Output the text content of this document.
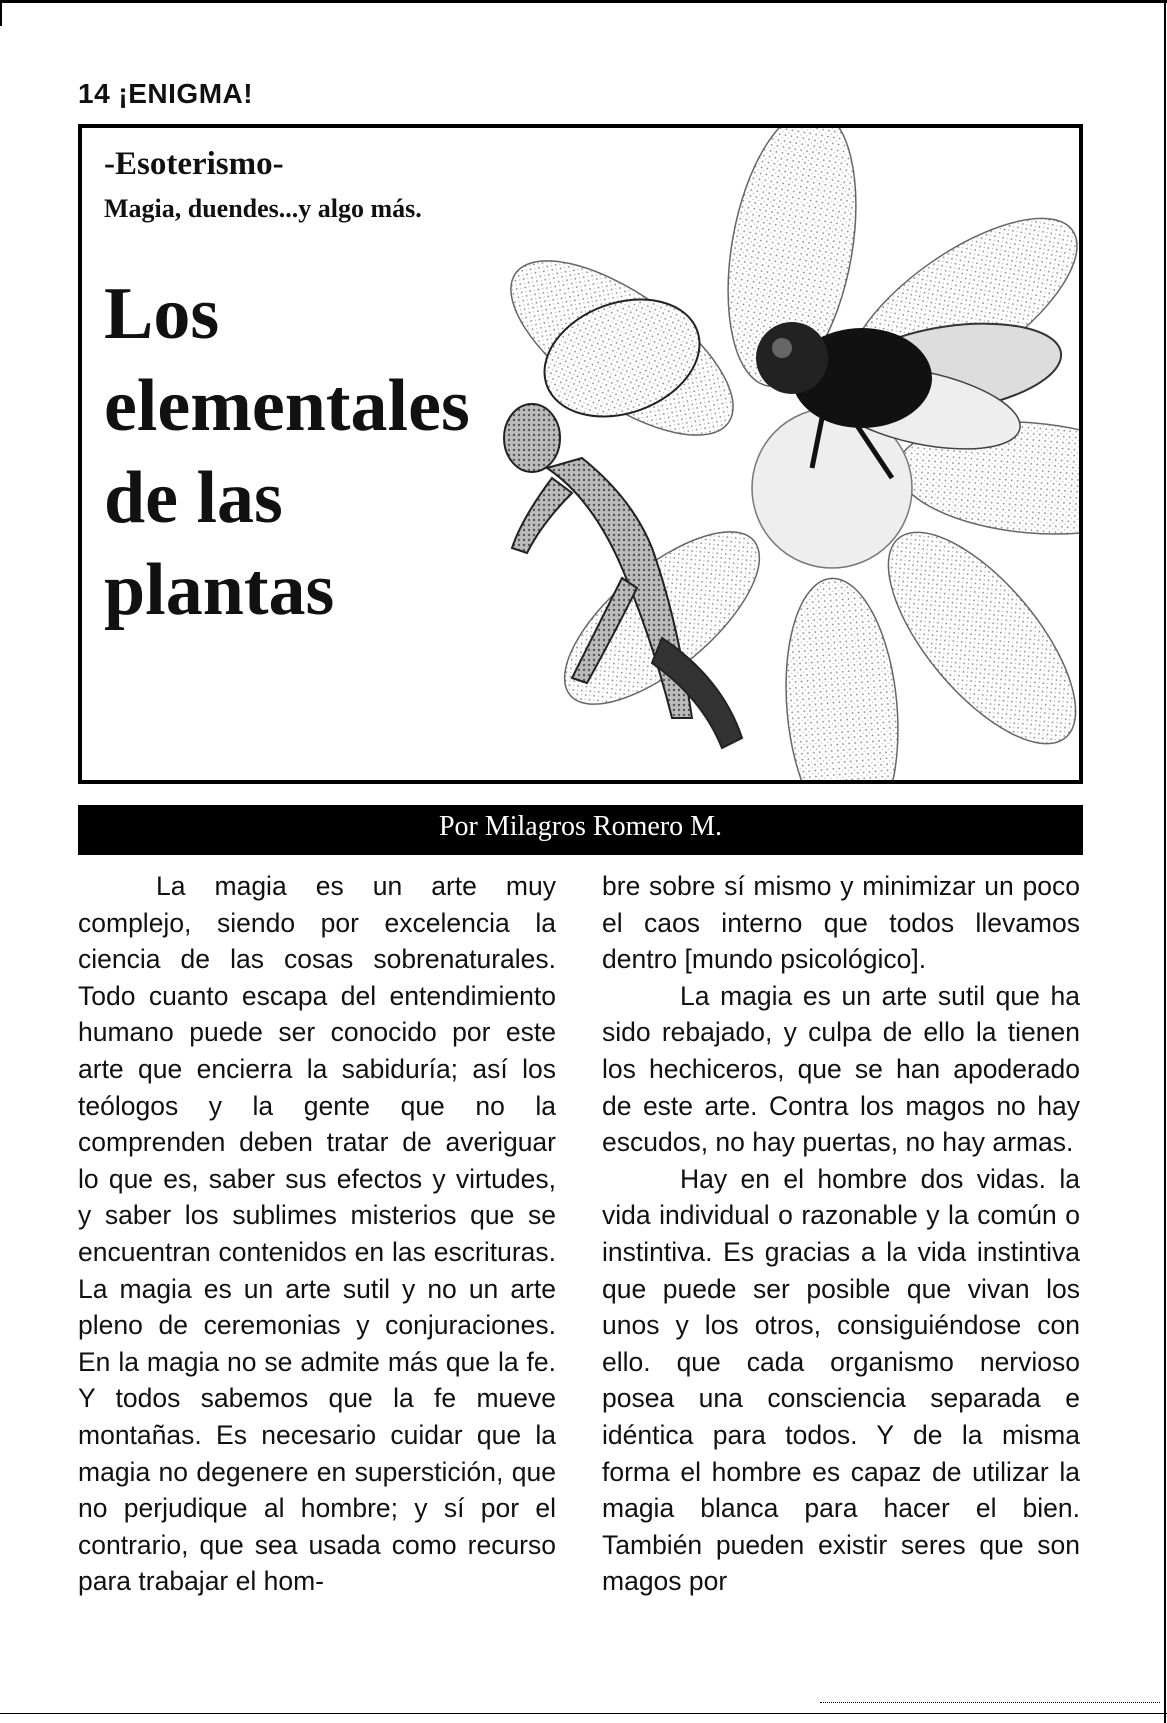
14 ¡ENIGMA!
-Esoterismo-
Magia, duendes...y algo más.
Los
elementales
de las
plantas
Por Milagros Romero M.

La magia es un arte muy complejo, siendo por excelencia la ciencia de las cosas sobrenaturales. Todo cuanto escapa del entendimiento humano puede ser conocido por este arte que encierra la sabiduría; así los teólogos y la gente que no la comprenden deben tratar de averiguar lo que es, saber sus efectos y virtudes, y saber los sublimes misterios que se encuentran contenidos en las escrituras. La magia es un arte sutil y no un arte pleno de ceremonias y conjuraciones. En la magia no se admite más que la fe. Y todos sabemos que la fe mueve montañas. Es necesario cuidar que la magia no degenere en superstición, que no perjudique al hombre; y sí por el contrario, que sea usada como recurso para trabajar el hom-

bre sobre sí mismo y minimizar un poco el caos interno que todos llevamos dentro [mundo psicológico].

La magia es un arte sutil que ha sido rebajado, y culpa de ello la tienen los hechiceros, que se han apoderado de este arte. Contra los magos no hay escudos, no hay puertas, no hay armas.

Hay en el hombre dos vidas. la vida individual o razonable y la común o instintiva. Es gracias a la vida instintiva que puede ser posible que vivan los unos y los otros, consiguiéndose con ello. que cada organismo nervioso posea una consciencia separada e idéntica para todos. Y de la misma forma el hombre es capaz de utilizar la magia blanca para hacer el bien. También pueden existir seres que son magos por
